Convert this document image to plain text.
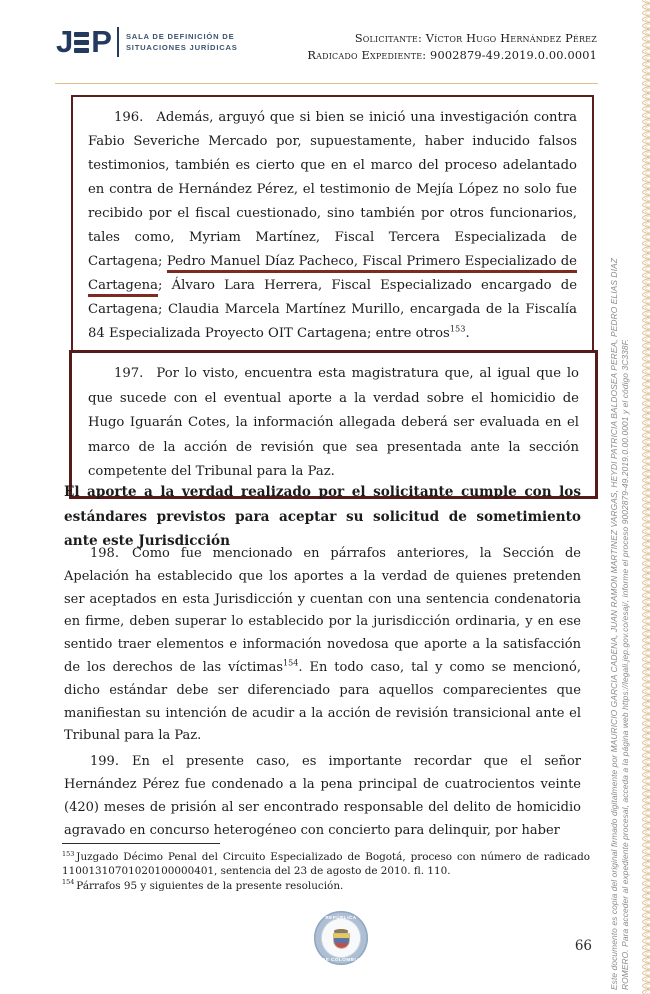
J P SALA DE DEFINICIÓN DE
SITUACIONES JURÍDICAS
Solicitante: Víctor Hugo Hernández Pérez
Radicado Expediente: 9002879-49.2019.0.00.0001

196. Además, arguyó que si bien se inició una investigación contra Fabio Severiche Mercado por, supuestamente, haber inducido falsos testimonios, también es cierto que en el marco del proceso adelantado en contra de Hernández Pérez, el testimonio de Mejía López no solo fue recibido por el fiscal cuestionado, sino también por otros funcionarios, tales como, Myriam Martínez, Fiscal Tercera Especializada de Cartagena; Pedro Manuel Díaz Pacheco, Fiscal Primero Especializado de Cartagena; Álvaro Lara Herrera, Fiscal Especializado encargado de Cartagena; Claudia Marcela Martínez Murillo, encargada de la Fiscalía 84 Especializada Proyecto OIT Cartagena; entre otros$^{153}$.

197. Por lo visto, encuentra esta magistratura que, al igual que lo que sucede con el eventual aporte a la verdad sobre el homicidio de Hugo Iguarán Cotes, la información allegada deberá ser evaluada en el marco de la acción de revisión que sea presentada ante la sección competente del Tribunal para la Paz.

El aporte a la verdad realizado por el solicitante cumple con los estándares previstos para aceptar su solicitud de sometimiento ante este Jurisdicción

198. Como fue mencionado en párrafos anteriores, la Sección de Apelación ha establecido que los aportes a la verdad de quienes pretenden ser aceptados en esta Jurisdicción y cuentan con una sentencia condenatoria en firme, deben superar lo establecido por la jurisdicción ordinaria, y en ese sentido traer elementos e información novedosa que aporte a la satisfacción de los derechos de las víctimas$^{154}$. En todo caso, tal y como se mencionó, dicho estándar debe ser diferenciado para aquellos comparecientes que manifiestan su intención de acudir a la acción de revisión transicional ante el Tribunal para la Paz.

199. En el presente caso, es importante recordar que el señor Hernández Pérez fue condenado a la pena principal de cuatrocientos veinte (420) meses de prisión al ser encontrado responsable del delito de homicidio agravado en concurso heterogéneo con concierto para delinquir, por haber

$^{153}$ Juzgado Décimo Penal del Circuito Especializado de Bogotá, proceso con número de radicado 11001310701020100000401, sentencia del 23 de agosto de 2010. fl. 110.
$^{154}$ Párrafos 95 y siguientes de la presente resolución.
REPÚBLICA
DE COLOMBIA
66 Este documento es copia del original firmado digitalmente por MAURICIO GARCIA CADENA, JUAN RAMON MARTINEZ VARGAS, HEYDI PATRICIA BALDOSEA PEREA, PEDRO ELIAS DIAZ ROMERO. Para acceder al expediente procesal, acceda a la página web https://legali.jep.gov.co/esaj/, informe el proceso 9002879-49.2019.0.00.0001 y el código 3C338F.
